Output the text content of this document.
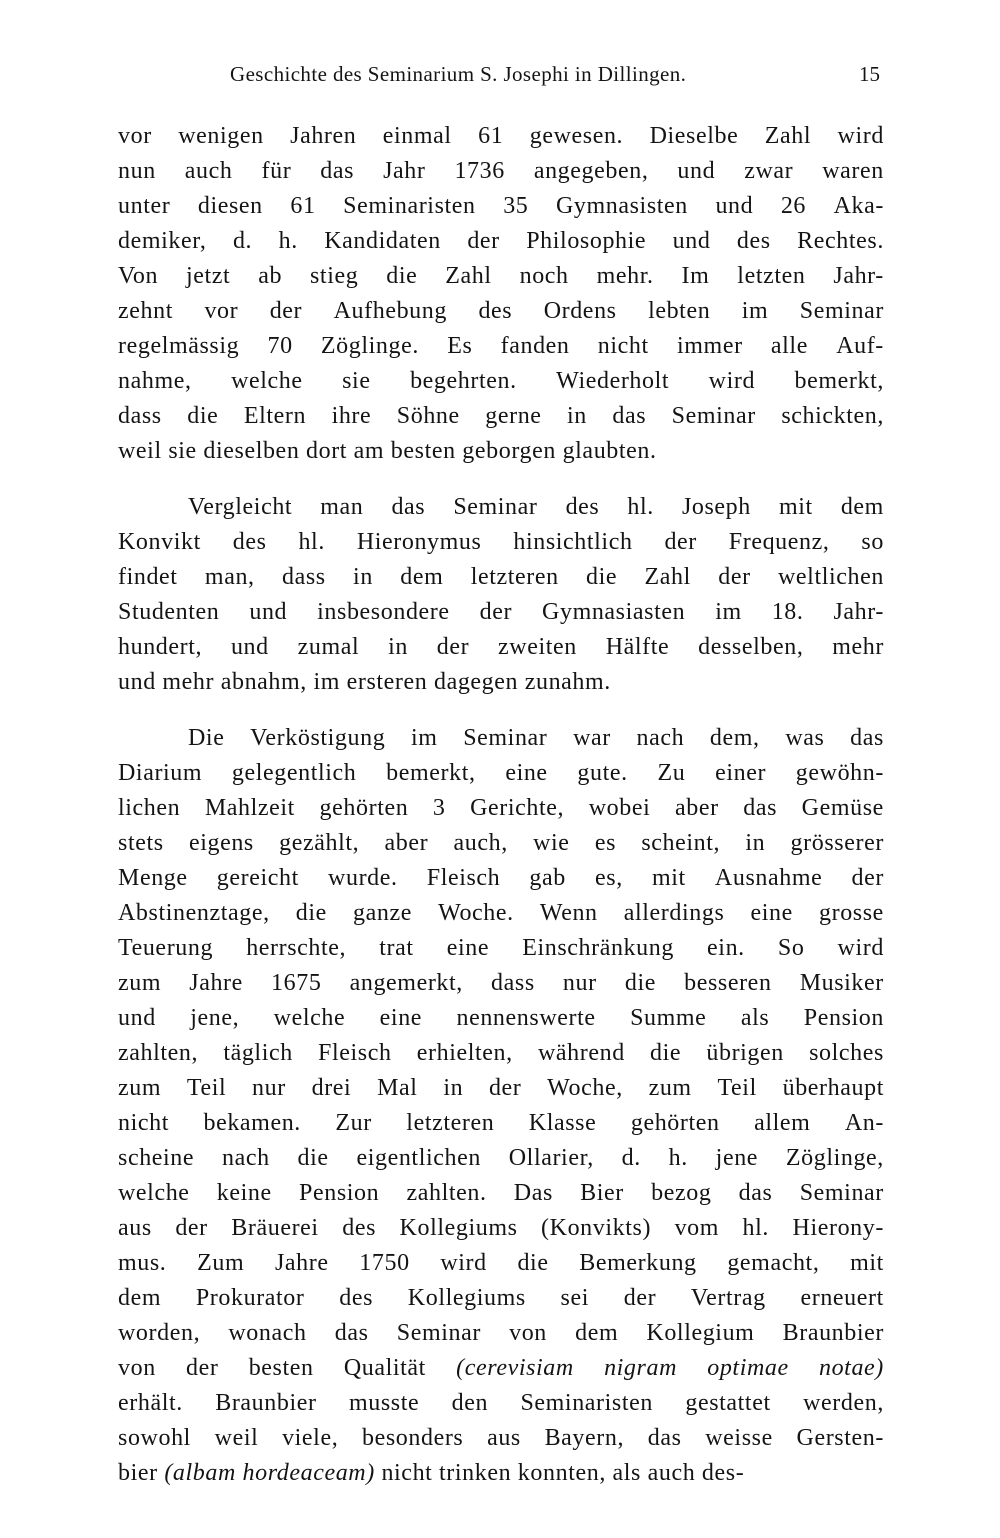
Geschichte des Seminarium S. Josephi in Dillingen.	15
vor wenigen Jahren einmal 61 gewesen. Dieselbe Zahl wird
nun auch für das Jahr 1736 angegeben, und zwar waren
unter diesen 61 Seminaristen 35 Gymnasisten und 26 Aka-
demiker, d. h. Kandidaten der Philosophie und des Rechtes.
Von jetzt ab stieg die Zahl noch mehr. Im letzten Jahr-
zehnt vor der Aufhebung des Ordens lebten im Seminar
regelmässig 70 Zöglinge. Es fanden nicht immer alle Auf-
nahme, welche sie begehrten. Wiederholt wird bemerkt,
dass die Eltern ihre Söhne gerne in das Seminar schickten,
weil sie dieselben dort am besten geborgen glaubten.
Vergleicht man das Seminar des hl. Joseph mit dem
Konvikt des hl. Hieronymus hinsichtlich der Frequenz, so
findet man, dass in dem letzteren die Zahl der weltlichen
Studenten und insbesondere der Gymnasiasten im 18. Jahr-
hundert, und zumal in der zweiten Hälfte desselben, mehr
und mehr abnahm, im ersteren dagegen zunahm.
Die Verköstigung im Seminar war nach dem, was das
Diarium gelegentlich bemerkt, eine gute. Zu einer gewöhn-
lichen Mahlzeit gehörten 3 Gerichte, wobei aber das Gemüse
stets eigens gezählt, aber auch, wie es scheint, in grösserer
Menge gereicht wurde. Fleisch gab es, mit Ausnahme der
Abstinenztage, die ganze Woche. Wenn allerdings eine grosse
Teuerung herrschte, trat eine Einschränkung ein. So wird
zum Jahre 1675 angemerkt, dass nur die besseren Musiker
und jene, welche eine nennenswerte Summe als Pension
zahlten, täglich Fleisch erhielten, während die übrigen solches
zum Teil nur drei Mal in der Woche, zum Teil überhaupt
nicht bekamen. Zur letzteren Klasse gehörten allem An-
scheine nach die eigentlichen Ollarier, d. h. jene Zöglinge,
welche keine Pension zahlten. Das Bier bezog das Seminar
aus der Bräuerei des Kollegiums (Konvikts) vom hl. Hierony-
mus. Zum Jahre 1750 wird die Bemerkung gemacht, mit
dem Prokurator des Kollegiums sei der Vertrag erneuert
worden, wonach das Seminar von dem Kollegium Braunbier
von der besten Qualität (cerevisiam nigram optimae notae)
erhält. Braunbier musste den Seminaristen gestattet werden,
sowohl weil viele, besonders aus Bayern, das weisse Gersten-
bier (albam hordeaceam) nicht trinken konnten, als auch des-
